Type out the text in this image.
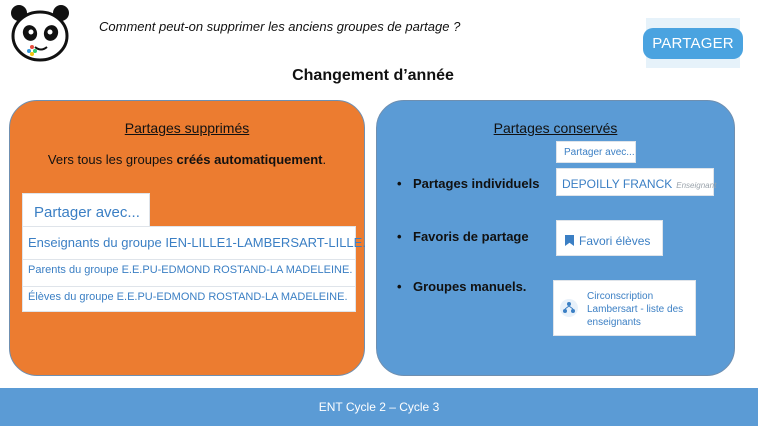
Comment peut-on supprimer les anciens groupes de partage ?
PARTAGER
Changement d’année
Partages supprimés
Vers tous les groupes créés automatiquement.
Partager avec...
Enseignants du groupe IEN-LILLE1-LAMBERSART-LILLE.
Parents du groupe E.E.PU-EDMOND ROSTAND-LA MADELEINE.
Élèves du groupe E.E.PU-EDMOND ROSTAND-LA MADELEINE.
Partages conservés
• Partages individuels
• Favoris de partage
• Groupes manuels.
Partager avec...
DEPOILLY FRANCK Enseignant
Favori élèves
Circonscription Lambersart - liste des enseignants
ENT Cycle 2 – Cycle 3
